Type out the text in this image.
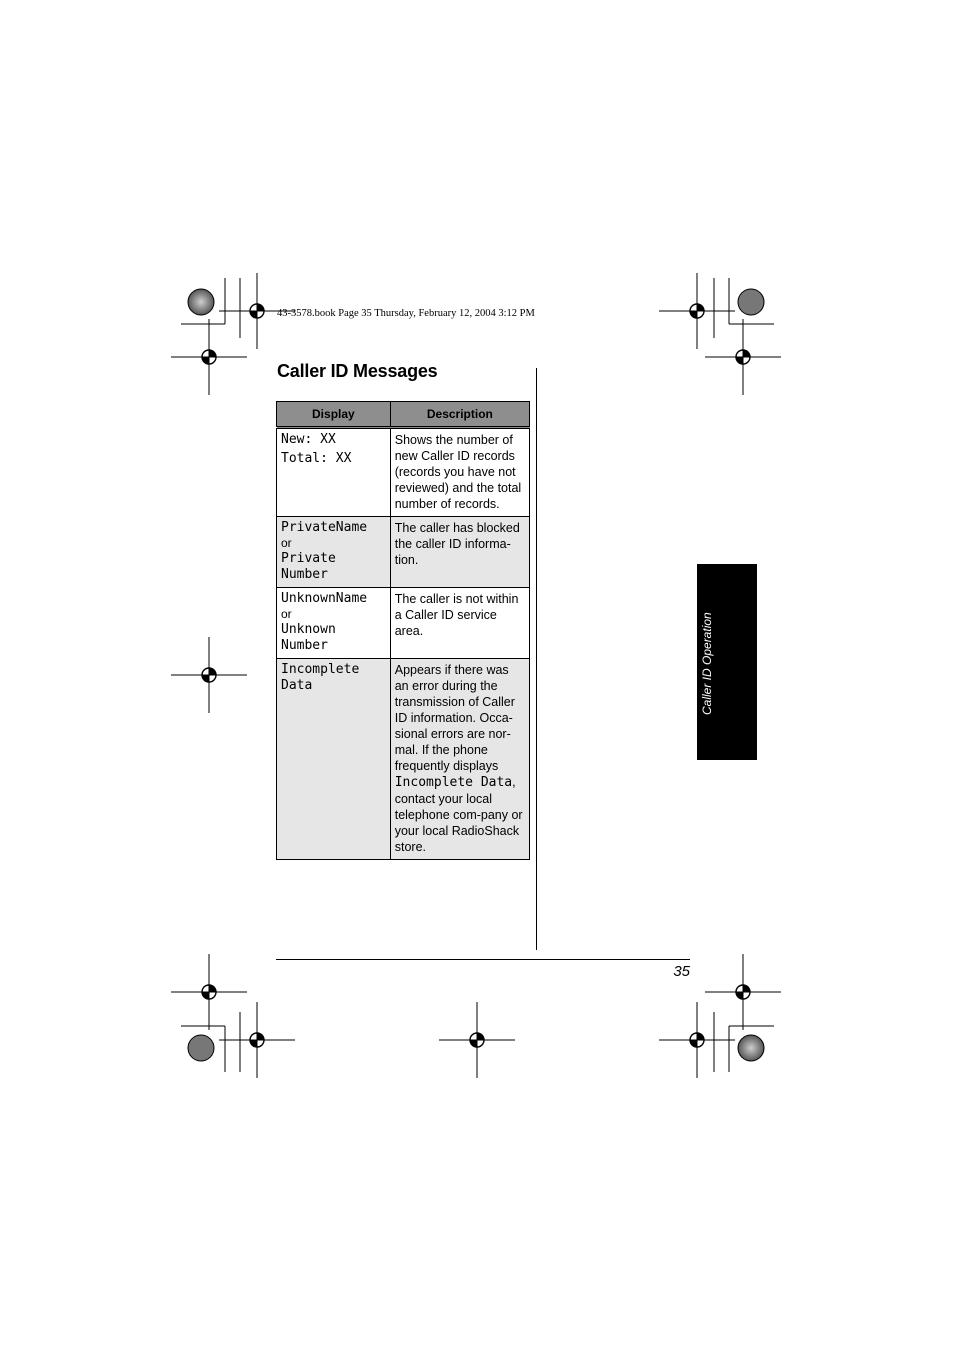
43-3578.book Page 35 Thursday, February 12, 2004 3:12 PM
Caller ID Messages
Display	Description

New: XX
Total: XX	Shows the number of new Caller ID records (records you have not reviewed) and the total number of records.

PrivateName
or
Private
Number	The caller has blocked the caller ID informa-tion.

UnknownName
or
Unknown
Number	The caller is not within a Caller ID service area.

Incomplete
Data	Appears if there was an error during the transmission of Caller ID information. Occa-sional errors are nor-mal. If the phone frequently displays Incomplete Data, contact your local telephone com-pany or your local RadioShack store.
Caller ID Operation
35
